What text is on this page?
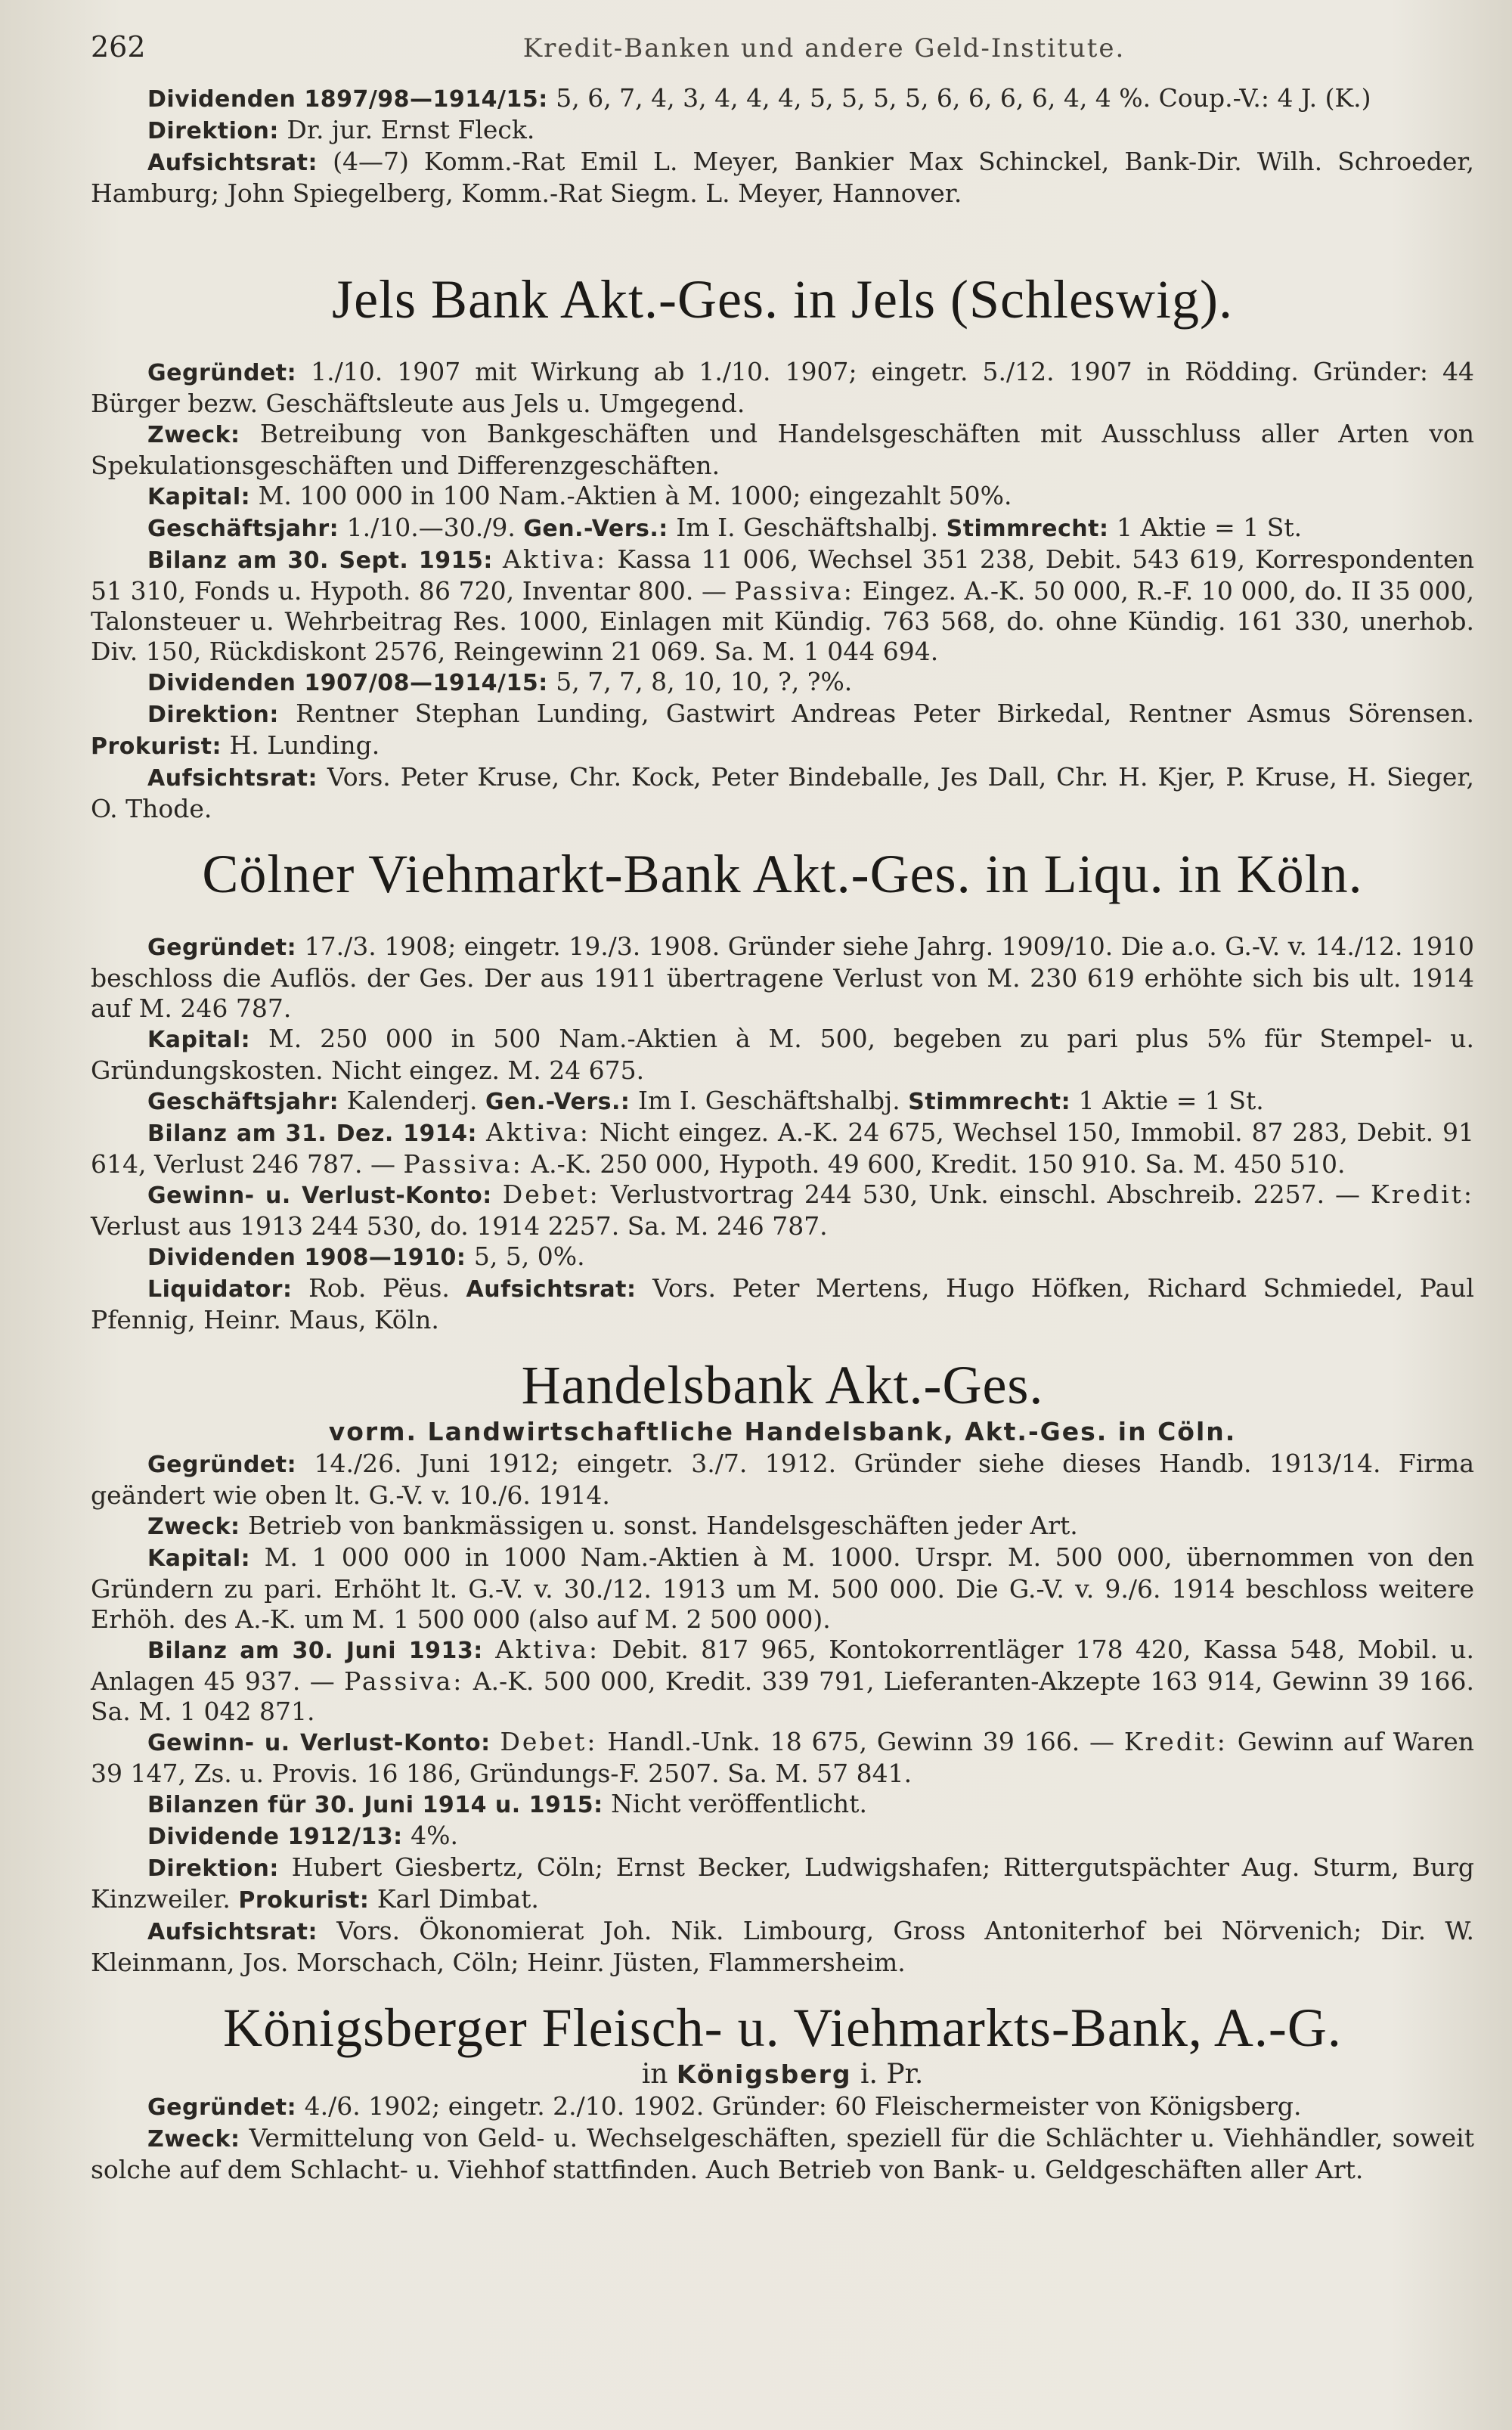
262	Kredit-Banken und andere Geld-Institute.

Dividenden 1897/98—1914/15: 5, 6, 7, 4, 3, 4, 4, 4, 5, 5, 5, 5, 6, 6, 6, 6, 4, 4 %. Coup.-V.: 4 J. (K.)

Direktion: Dr. jur. Ernst Fleck.

Aufsichtsrat: (4—7) Komm.-Rat Emil L. Meyer, Bankier Max Schinckel, Bank-Dir. Wilh. Schroeder, Hamburg; John Spiegelberg, Komm.-Rat Siegm. L. Meyer, Hannover.

Jels Bank Akt.-Ges. in Jels (Schleswig).

Gegründet: 1./10. 1907 mit Wirkung ab 1./10. 1907; eingetr. 5./12. 1907 in Rödding. Gründer: 44 Bürger bezw. Geschäftsleute aus Jels u. Umgegend.

Zweck: Betreibung von Bankgeschäften und Handelsgeschäften mit Ausschluss aller Arten von Spekulationsgeschäften und Differenzgeschäften.

Kapital: M. 100 000 in 100 Nam.-Aktien à M. 1000; eingezahlt 50%.

Geschäftsjahr: 1./10.—30./9. Gen.-Vers.: Im I. Geschäftshalbj. Stimmrecht: 1 Aktie = 1 St.

Bilanz am 30. Sept. 1915: Aktiva: Kassa 11 006, Wechsel 351 238, Debit. 543 619, Korrespondenten 51 310, Fonds u. Hypoth. 86 720, Inventar 800. — Passiva: Eingez. A.-K. 50 000, R.-F. 10 000, do. II 35 000, Talonsteuer u. Wehrbeitrag Res. 1000, Einlagen mit Kündig. 763 568, do. ohne Kündig. 161 330, unerhob. Div. 150, Rückdiskont 2576, Reingewinn 21 069. Sa. M. 1 044 694.

Dividenden 1907/08—1914/15: 5, 7, 7, 8, 10, 10, ?, ?%.

Direktion: Rentner Stephan Lunding, Gastwirt Andreas Peter Birkedal, Rentner Asmus Sörensen. Prokurist: H. Lunding.

Aufsichtsrat: Vors. Peter Kruse, Chr. Kock, Peter Bindeballe, Jes Dall, Chr. H. Kjer, P. Kruse, H. Sieger, O. Thode.

Cölner Viehmarkt-Bank Akt.-Ges. in Liqu. in Köln.

Gegründet: 17./3. 1908; eingetr. 19./3. 1908. Gründer siehe Jahrg. 1909/10. Die a.o. G.-V. v. 14./12. 1910 beschloss die Auflös. der Ges. Der aus 1911 übertragene Verlust von M. 230 619 erhöhte sich bis ult. 1914 auf M. 246 787.

Kapital: M. 250 000 in 500 Nam.-Aktien à M. 500, begeben zu pari plus 5% für Stempel- u. Gründungskosten. Nicht eingez. M. 24 675.

Geschäftsjahr: Kalenderj. Gen.-Vers.: Im I. Geschäftshalbj. Stimmrecht: 1 Aktie = 1 St.

Bilanz am 31. Dez. 1914: Aktiva: Nicht eingez. A.-K. 24 675, Wechsel 150, Immobil. 87 283, Debit. 91 614, Verlust 246 787. — Passiva: A.-K. 250 000, Hypoth. 49 600, Kredit. 150 910. Sa. M. 450 510.

Gewinn- u. Verlust-Konto: Debet: Verlustvortrag 244 530, Unk. einschl. Abschreib. 2257. — Kredit: Verlust aus 1913 244 530, do. 1914 2257. Sa. M. 246 787.

Dividenden 1908—1910: 5, 5, 0%.

Liquidator: Rob. Pëus. Aufsichtsrat: Vors. Peter Mertens, Hugo Höfken, Richard Schmiedel, Paul Pfennig, Heinr. Maus, Köln.

Handelsbank Akt.-Ges.
vorm. Landwirtschaftliche Handelsbank, Akt.-Ges. in Cöln.

Gegründet: 14./26. Juni 1912; eingetr. 3./7. 1912. Gründer siehe dieses Handb. 1913/14. Firma geändert wie oben lt. G.-V. v. 10./6. 1914.

Zweck: Betrieb von bankmässigen u. sonst. Handelsgeschäften jeder Art.

Kapital: M. 1 000 000 in 1000 Nam.-Aktien à M. 1000. Urspr. M. 500 000, übernommen von den Gründern zu pari. Erhöht lt. G.-V. v. 30./12. 1913 um M. 500 000. Die G.-V. v. 9./6. 1914 beschloss weitere Erhöh. des A.-K. um M. 1 500 000 (also auf M. 2 500 000).

Bilanz am 30. Juni 1913: Aktiva: Debit. 817 965, Kontokorrentläger 178 420, Kassa 548, Mobil. u. Anlagen 45 937. — Passiva: A.-K. 500 000, Kredit. 339 791, Lieferanten-Akzepte 163 914, Gewinn 39 166. Sa. M. 1 042 871.

Gewinn- u. Verlust-Konto: Debet: Handl.-Unk. 18 675, Gewinn 39 166. — Kredit: Gewinn auf Waren 39 147, Zs. u. Provis. 16 186, Gründungs-F. 2507. Sa. M. 57 841.

Bilanzen für 30. Juni 1914 u. 1915: Nicht veröffentlicht.

Dividende 1912/13: 4%.

Direktion: Hubert Giesbertz, Cöln; Ernst Becker, Ludwigshafen; Rittergutspächter Aug. Sturm, Burg Kinzweiler. Prokurist: Karl Dimbat.

Aufsichtsrat: Vors. Ökonomierat Joh. Nik. Limbourg, Gross Antoniterhof bei Nörvenich; Dir. W. Kleinmann, Jos. Morschach, Cöln; Heinr. Jüsten, Flammersheim.

Königsberger Fleisch- u. Viehmarkts-Bank, A.-G.
in Königsberg i. Pr.

Gegründet: 4./6. 1902; eingetr. 2./10. 1902. Gründer: 60 Fleischermeister von Königsberg.

Zweck: Vermittelung von Geld- u. Wechselgeschäften, speziell für die Schlächter u. Viehhändler, soweit solche auf dem Schlacht- u. Viehhof stattfinden. Auch Betrieb von Bank- u. Geldgeschäften aller Art.
